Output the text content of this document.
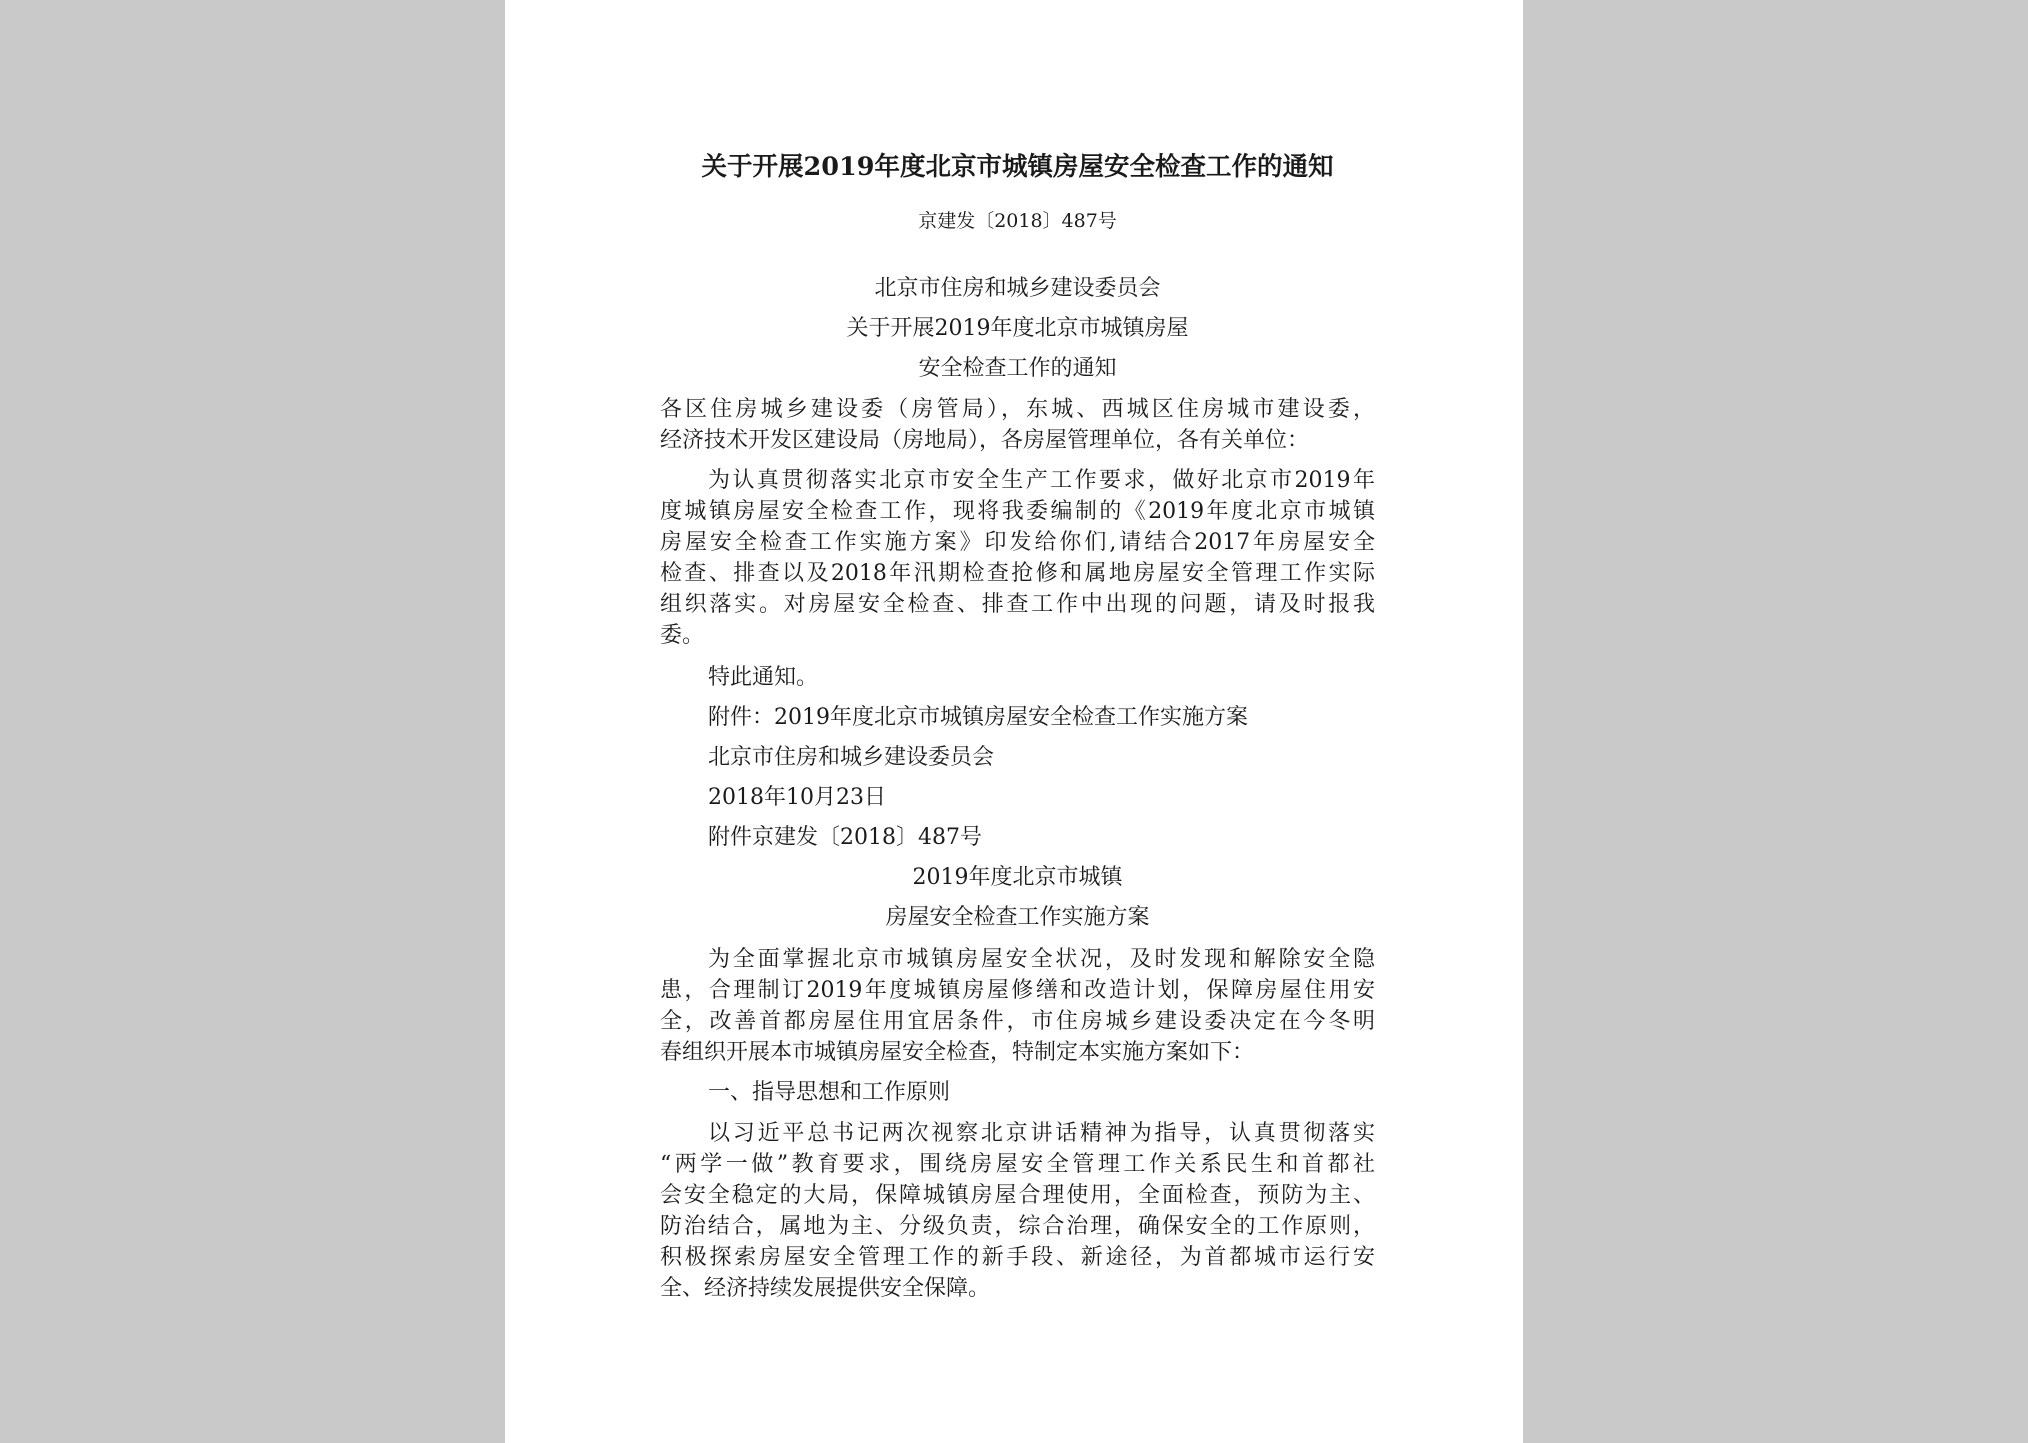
关于开展2019年度北京市城镇房屋安全检查工作的通知
京建发〔2018〕487号
北京市住房和城乡建设委员会
关于开展2019年度北京市城镇房屋
安全检查工作的通知
各区住房城乡建设委（房管局），东城、西城区住房城市建设委，
经济技术开发区建设局（房地局），各房屋管理单位，各有关单位：
为认真贯彻落实北京市安全生产工作要求，做好北京市2019年
度城镇房屋安全检查工作，现将我委编制的《2019年度北京市城镇
房屋安全检查工作实施方案》印发给你们,请结合2017年房屋安全
检查、排查以及2018年汛期检查抢修和属地房屋安全管理工作实际
组织落实。对房屋安全检查、排查工作中出现的问题，请及时报我
委。
特此通知。
附件：2019年度北京市城镇房屋安全检查工作实施方案
北京市住房和城乡建设委员会
2018年10月23日
附件京建发〔2018〕487号
2019年度北京市城镇
房屋安全检查工作实施方案
为全面掌握北京市城镇房屋安全状况，及时发现和解除安全隐
患，合理制订2019年度城镇房屋修缮和改造计划，保障房屋住用安
全，改善首都房屋住用宜居条件，市住房城乡建设委决定在今冬明
春组织开展本市城镇房屋安全检查，特制定本实施方案如下：
一、指导思想和工作原则
以习近平总书记两次视察北京讲话精神为指导，认真贯彻落实
“两学一做”教育要求，围绕房屋安全管理工作关系民生和首都社
会安全稳定的大局，保障城镇房屋合理使用，全面检查，预防为主、
防治结合，属地为主、分级负责，综合治理，确保安全的工作原则，
积极探索房屋安全管理工作的新手段、新途径，为首都城市运行安
全、经济持续发展提供安全保障。
